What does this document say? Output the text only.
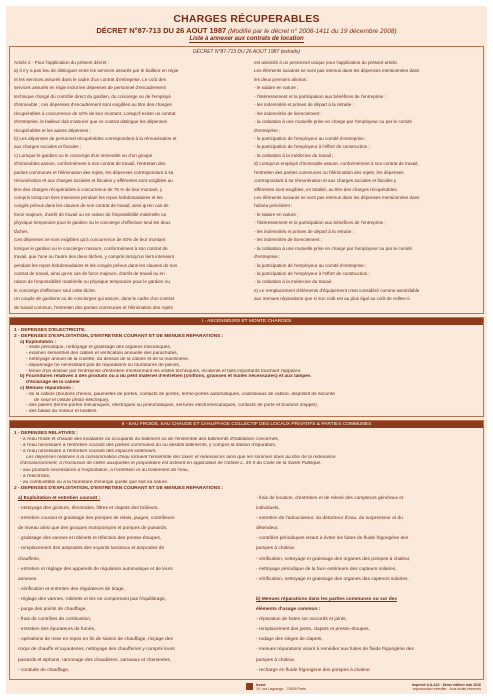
CHARGES RÉCUPERABLES
DÉCRET N°87-713 DU 26 AOUT 1987 (Modifié par le décret n° 2008-1411 du 19 décembre 2008)
Liste à annexer aux contrats de location
DÉCRET N°87-713 DU 26 AOUT 1987 (extraits)

Article 2 - Pour l'application du présent décret :

a) Il n'y a pas lieu de distinguer entre les services assurés par le bailleur en régie

et les services assurés dans le cadre d'un contrat d'entreprise. Le coût des

services assurés en régie inclut les dépenses de personnel d'encadrement

technique chargé du contrôle direct du gardien, du concierge ou de l'employé

d'immeuble ; ces dépenses d'encadrement sont exigibles au titre des charges

récupérables à concurrence de 10% de leur montant. Lorsqu'il existe un contrat

d'entreprise, le bailleur doit s'assurer que ce contrat distingue les dépenses

récupérables et les autres dépenses ;

b) Les dépenses de personnel récupérables correspondent à la rémunération et

aux charges sociales et fiscales ;

c) Lorsque le gardien ou le concierge d'un immeuble ou d'un groupe

d'immeubles assure, conformément à son contrat de travail, l'entretien des

parties communes et l'élimination des rejets, les dépenses correspondant à sa

rémunération et aux charges sociales et fiscales y afférentes sont exigibles au

titre des charges récupérables à concurrence de 75 % de leur montant, y

compris lorsqu'un tiers intervient pendant les repos hebdomadaires et les

congés prévus dans les clauses de son contrat de travail, ainsi qu'en cas de

force majeure, d'arrêt de travail ou en raison de l'impossibilité matérielle ou

physique temporaire pour le gardien ou le concierge d'effectuer seul les deux

tâches.

Ces dépenses ne sont exigibles qu'à concurrence de 40% de leur montant

lorsque le gardien ou le concierge n'assure, conformément à son contrat de

travail, que l'une ou l'autre des deux tâches, y compris lorsqu'un tiers intervient

pendant les repos hebdomadaires et les congés prévus dans les clauses de son

contrat de travail, ainsi qu'en cas de force majeure, d'arrêt de travail ou en

raison de l'impossibilité matérielle ou physique temporaire pour le gardien ou

le concierge d'effectuer seul cette tâche.

Un couple de gardiens ou de concierges qui assure, dans le cadre d'un contrat

de travail commun, l'entretien des parties communes et l'élimination des rejets

est assimilé à un personnel unique pour l'application du présent article.

Les éléments suivants ne sont pas retenus dans les dépenses mentionnées dans

les deux premiers alinéas :

- le salaire en nature ;

- l'intéressement et la participation aux bénéfices de l'entreprise ;

- les indemnités et primes de départ à la retraite ;

- les indemnités de licenciement ;

- la cotisation à une mutuelle prise en charge par l'employeur ou par le comité

d'entreprise ;

- la participation de l'employeur au comité d'entreprise ;

- la participation de l'employeur à l'effort de construction ;

- la cotisation à la médecine du travail ;

d) Lorsqu'un employé d'immeuble assure, conformément à son contrat de travail,

l'entretien des parties communes ou l'élimination des rejets, les dépenses

correspondant à sa rémunération et aux charges sociales et fiscales y

afférentes sont exigibles, en totalité, au titre des charges récupérables.

Les éléments suivants ne sont pas retenus dans les dépenses mentionnées dans

l'alinéa précédent :

- le salaire en nature ;

- l'intéressement et la participation aux bénéfices de l'entreprise ;

- les indemnités et primes de départ à la retraite ;

- les indemnités de licenciement ;

- la cotisation à une mutuelle prise en charge par l'employeur ou par le comité

d'entreprise ;

- la participation de l'employeur au comité d'entreprise ;

- la participation de l'employeur à l'effort de construction ;

- la cotisation à la médecine du travail.

e) Le remplacement d'éléments d'équipement n'est considéré comme assimilable

aux menues réparations que si son coût est au plus égal au coût de celles-ci.

I - ASCENSEURS ET MONTE CHARGES
1 - DÉPENSES D'ÉLECTRICITÉ.
2 - DÉPENSES D'EXPLOITATION, D'ENTRETIEN COURANT ET DE MENUES RÉPARATIONS :
a) Exploitation :
- visite périodique, nettoyage et graissage des organes mécaniques,
- examen semestriel des câbles et vérification annuelle des parachutes,
- nettoyage annuel de la cuvette, du dessus de la cabine et de la machinerie,
- dépannage ne nécessitant pas de réparations ou fournitures de pièces,
- tenue d'un dossier par l'entreprise d'entretien mentionnant les visites techniques, incidents et faits importants touchant l'appareil.
b) Fournitures relatives à des produits ou à du petit matériel d'entretien (chiffons, graisses et huiles nécessaires) et aux lampes
d'éclairage de la cabine
c) Menues réparations :
- de la cabine (boutons d'envoi, paumelles de portes, contacts de portes, ferme-portes automatiques, coulisseaux de cabine, dispositif de sécurité
de seuil et cellule photo-électrique),
- des paliers (ferme-portes mécaniques, électriques ou pneumatiques, serrures électromécaniques, contacts de porte et boutons d'appel),
- des balais du moteur et fusibles.
II - EAU FROIDE, EAU CHAUDE ET CHAUFFAGE COLLECTIF DES LOCAUX PRIVATIFS & PARTIES COMMUNES
1 - DÉPENSES RELATIVES :
- à l'eau froide et chaude des locataires ou occupants du bâtiment ou de l'ensemble des bâtiments d'habitation concernés,
- à l'eau nécessaire à l'entretien courant des parties communes du ou desdits bâtiments, y compris la station d'épuration,
- à l'eau nécessaire à l'entretien courant des espaces extérieurs.
Les dépenses relatives à la consommation d'eau incluent l'ensemble des taxes et redevances ainsi que les sommes dues au titre de la redevance
d'assainissement, à l'exclusion de celles auxquelles le propriétaire est astreint en application de l'article L. 35-5 du Code de la Santé Publique.
- aux produits nécessaires à l'exploitation, à l'entretien et au traitement de l'eau,
- à l'électricité,
- au combustible ou à la fourniture d'énergie quelle que soit sa nature.
2 - DÉPENSES D'EXPLOITATION, D'ENTRETIEN COURANT ET DE MENUES RÉPARATIONS :
a) Exploitation et entretien courant :
- nettoyage des gicleurs, électrodes, filtres et clapets des brûleurs,
- entretien courant et graissage des pompes de relais, jauges, contrôleurs
de niveau ainsi que des groupes motopompes et pompes de puisards,
- graissage des vannes et robinets et réfection des presse-étoupes,
- remplacement des ampoules des voyants lumineux et ampoules de
chaufferie,
- entretien et réglage des appareils de régulation automatique et de leurs
annexes,
- vérification et entretien des régulateurs de tirage,
- réglage des vannes, robinets et tés ne comprenant pas l'équilibrage,
- purge des points de chauffage,
- frais de contrôles de combustion,
- entretien des épurateurs de fumée,
- opérations de mise en repos en fin de saison de chauffage, rinçage des
corps de chauffe et tuyauteries, nettoyage des chaufferies y compris leurs
puisards et siphons, ramonage des chaudières, carneaux et cheminées,
- conduite de chauffage,
- frais de location, d'entretien et de relevé des compteurs généraux et
individuels,
- entretien de l'adoucisseur, du détartreur d'eau, du surpresseur et du
détendeur,
- contrôles périodiques visant à éviter les fuites de fluide frigorigène des
pompes à chaleur,
- vérification, nettoyage et graissage des organes des pompes à chaleur,
- nettoyage périodique de la face extérieure des capteurs solaires,
- vérification, nettoyage et graissage des organes des capteurs solaires.
b) Menues réparations dans les parties communes ou sur des
éléments d'usage commun :
- réparation de fuites sur raccords et joints,
- remplacement des joints, clapets et presse-étoupes,
- rodage des sièges de clapets,
- menues réparations visant à remédier aux fuites de fluide frigorigène des
pompes à chaleur,
- recharge en fluide frigorigène des pompes à chaleur.
tissot
19, rue Lagrange - 75005 Paris
imprimé ILA-642 : 8ème édition mai 2016
reproduction interdite - tous droits réservés
